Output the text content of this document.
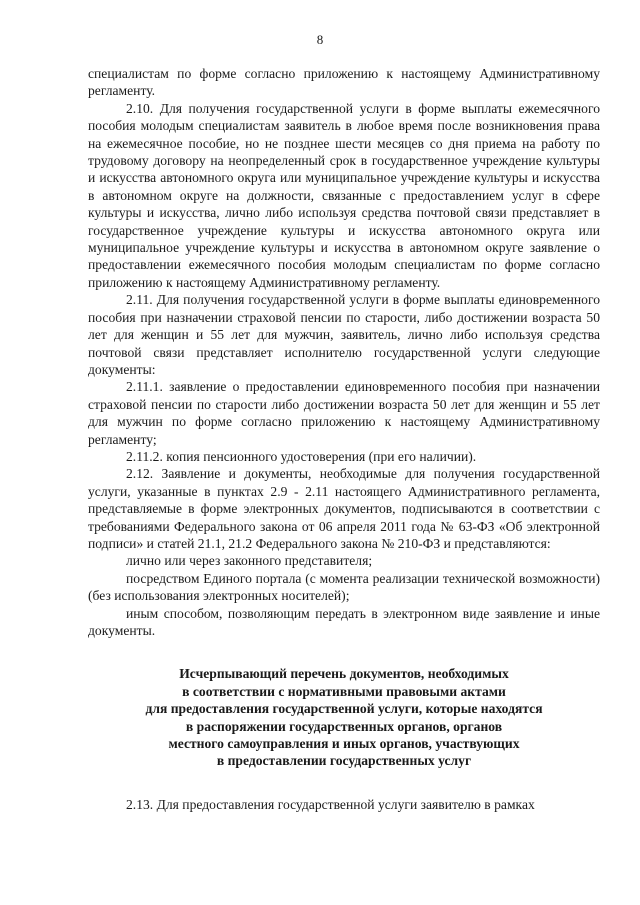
8

специалистам по форме согласно приложению к настоящему Административному регламенту.

2.10. Для получения государственной услуги в форме выплаты ежемесячного пособия молодым специалистам заявитель в любое время после возникновения права на ежемесячное пособие, но не позднее шести месяцев со дня приема на работу по трудовому договору на неопределенный срок в государственное учреждение культуры и искусства автономного округа или муниципальное учреждение культуры и искусства в автономном округе на должности, связанные с предоставлением услуг в сфере культуры и искусства, лично либо используя средства почтовой связи представляет в государственное учреждение культуры и искусства автономного округа или муниципальное учреждение культуры и искусства в автономном округе заявление о предоставлении ежемесячного пособия молодым специалистам по форме согласно приложению к настоящему Административному регламенту.

2.11. Для получения государственной услуги в форме выплаты единовременного пособия при назначении страховой пенсии по старости, либо достижении возраста 50 лет для женщин и 55 лет для мужчин, заявитель, лично либо используя средства почтовой связи представляет исполнителю государственной услуги следующие документы:

2.11.1. заявление о предоставлении единовременного пособия при назначении страховой пенсии по старости либо достижении возраста 50 лет для женщин и 55 лет для мужчин по форме согласно приложению к настоящему Административному регламенту;

2.11.2. копия пенсионного удостоверения (при его наличии).

2.12. Заявление и документы, необходимые для получения государственной услуги, указанные в пунктах 2.9 - 2.11 настоящего Административного регламента, представляемые в форме электронных документов, подписываются в соответствии с требованиями Федерального закона от 06 апреля 2011 года № 63-ФЗ «Об электронной подписи» и статей 21.1, 21.2 Федерального закона № 210-ФЗ и представляются:

лично или через законного представителя;

посредством Единого портала (с момента реализации технической возможности) (без использования электронных носителей);

иным способом, позволяющим передать в электронном виде заявление и иные документы.

Исчерпывающий перечень документов, необходимых
в соответствии с нормативными правовыми актами
для предоставления государственной услуги, которые находятся
в распоряжении государственных органов, органов
местного самоуправления и иных органов, участвующих
в предоставлении государственных услуг

2.13. Для предоставления государственной услуги заявителю в рамках
